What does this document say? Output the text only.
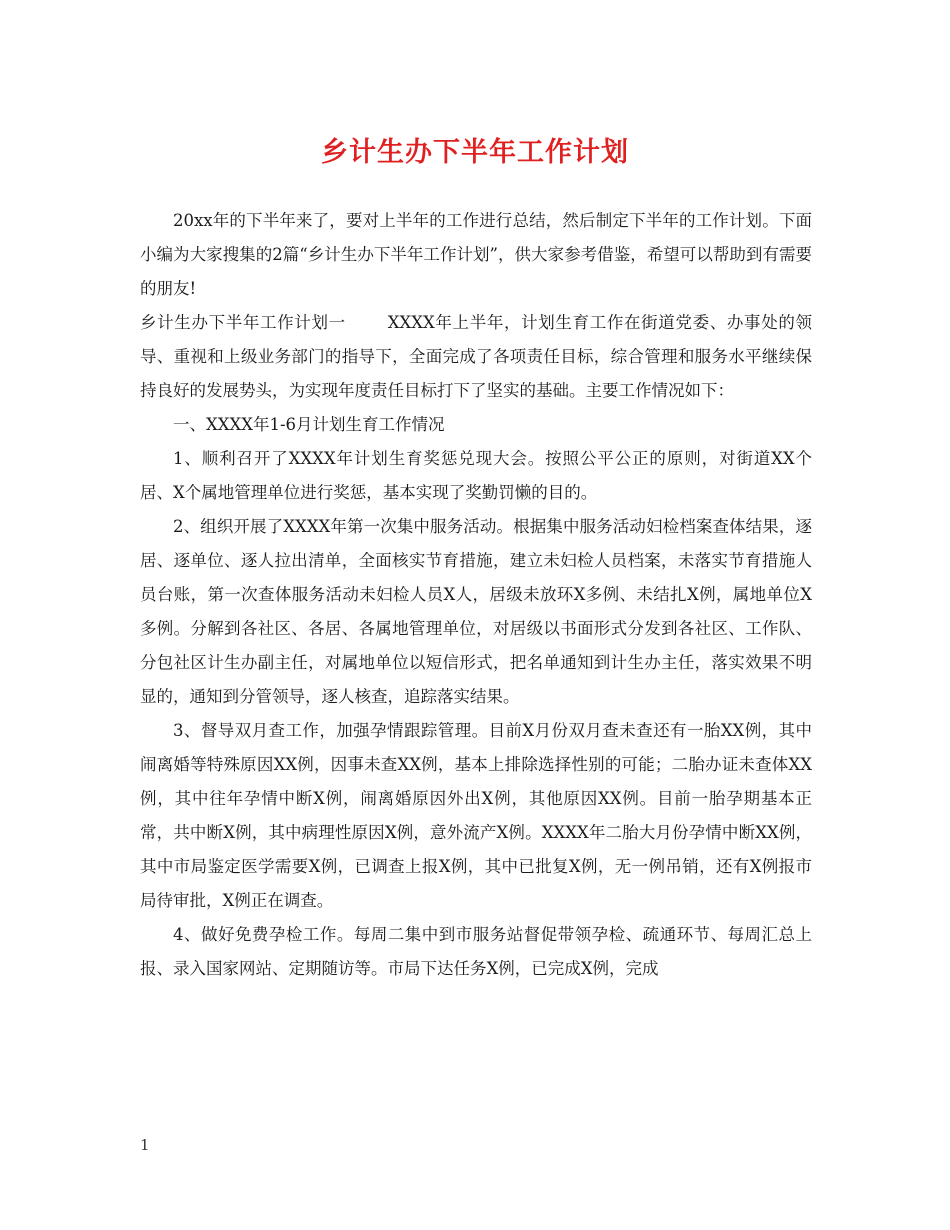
乡计生办下半年工作计划

20xx年的下半年来了，要对上半年的工作进行总结，然后制定下半年的工作计划。下面小编为大家搜集的2篇“乡计生办下半年工作计划”，供大家参考借鉴，希望可以帮助到有需要的朋友!

乡计生办下半年工作计划一	XXXX年上半年，计划生育工作在街道党委、办事处的领导、重视和上级业务部门的指导下，全面完成了各项责任目标，综合管理和服务水平继续保持良好的发展势头，为实现年度责任目标打下了坚实的基础。主要工作情况如下：

一、XXXX年1-6月计划生育工作情况

1、顺利召开了XXXX年计划生育奖惩兑现大会。按照公平公正的原则，对街道XX个居、X个属地管理单位进行奖惩，基本实现了奖勤罚懒的目的。

2、组织开展了XXXX年第一次集中服务活动。根据集中服务活动妇检档案查体结果，逐居、逐单位、逐人拉出清单，全面核实节育措施，建立未妇检人员档案，未落实节育措施人员台账，第一次查体服务活动未妇检人员X人，居级未放环X多例、未结扎X例，属地单位X多例。分解到各社区、各居、各属地管理单位，对居级以书面形式分发到各社区、工作队、分包社区计生办副主任，对属地单位以短信形式，把名单通知到计生办主任，落实效果不明显的，通知到分管领导，逐人核查，追踪落实结果。

3、督导双月查工作，加强孕情跟踪管理。目前X月份双月查未查还有一胎XX例，其中闹离婚等特殊原因XX例，因事未查XX例，基本上排除选择性别的可能；二胎办证未查体XX例，其中往年孕情中断X例，闹离婚原因外出X例，其他原因XX例。目前一胎孕期基本正常，共中断X例，其中病理性原因X例，意外流产X例。XXXX年二胎大月份孕情中断XX例，其中市局鉴定医学需要X例，已调查上报X例，其中已批复X例，无一例吊销，还有X例报市局待审批，X例正在调查。

4、做好免费孕检工作。每周二集中到市服务站督促带领孕检、疏通环节、每周汇总上报、录入国家网站、定期随访等。市局下达任务X例，已完成X例，完成

1
